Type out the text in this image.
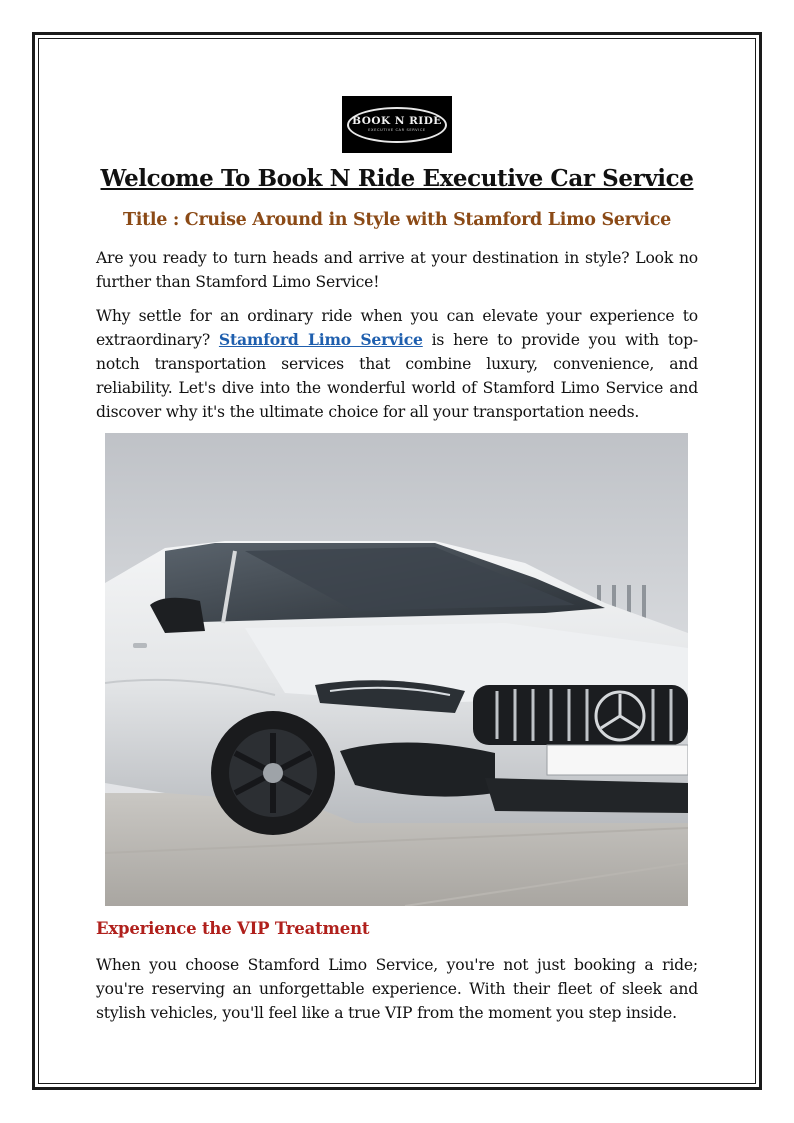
BOOK N RIDE
EXECUTIVE CAR SERVICE
Welcome To Book N Ride Executive Car Service
Title : Cruise Around in Style with Stamford Limo Service

Are you ready to turn heads and arrive at your destination in style? Look no further than Stamford Limo Service!

Why settle for an ordinary ride when you can elevate your experience to extraordinary? Stamford Limo Service is here to provide you with top-notch transportation services that combine luxury, convenience, and reliability. Let's dive into the wonderful world of Stamford Limo Service and discover why it's the ultimate choice for all your transportation needs.

Experience the VIP Treatment

When you choose Stamford Limo Service, you're not just booking a ride; you're reserving an unforgettable experience. With their fleet of sleek and stylish vehicles, you'll feel like a true VIP from the moment you step inside.
